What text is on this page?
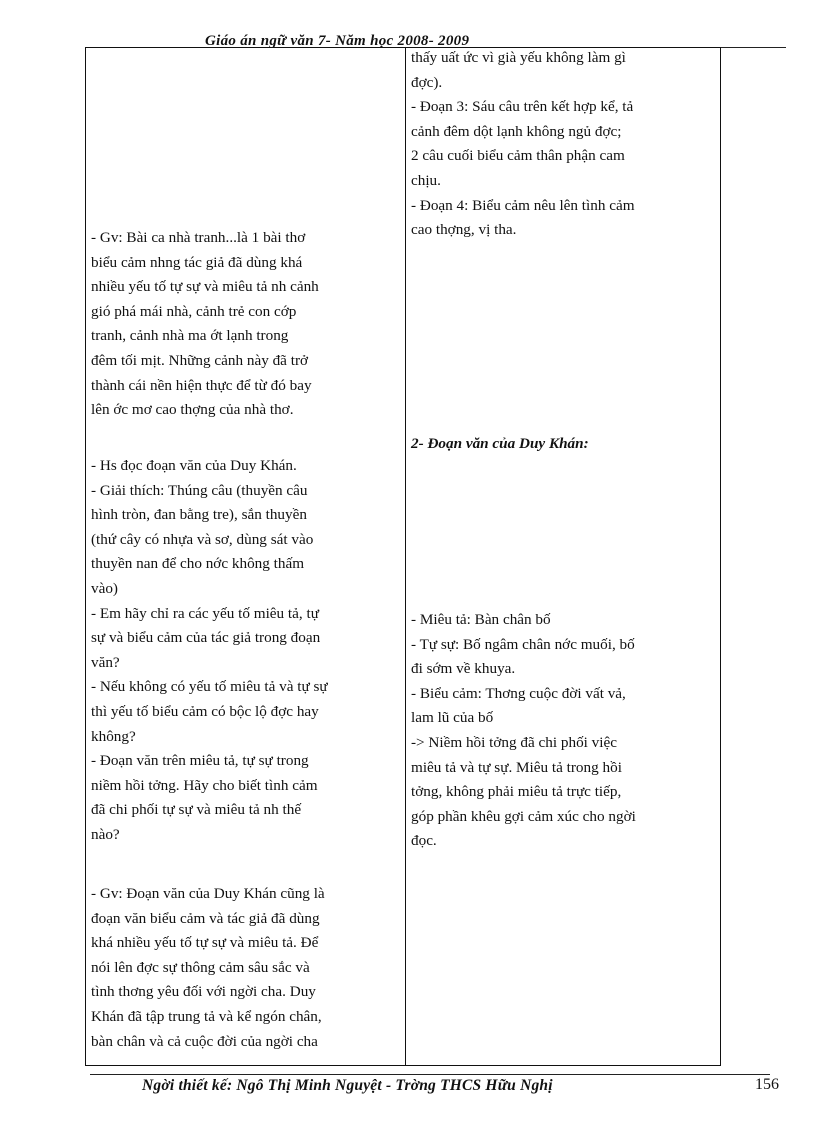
Giáo án ngữ văn 7- Năm học 2008- 2009

- Gv: Bài ca nhà tranh...là 1 bài thơ

biểu cảm nhng tác giả đã dùng khá

nhiều yếu tố tự sự và miêu tả nh cảnh

gió phá mái nhà, cảnh trẻ con cớp

tranh, cảnh nhà ma ớt lạnh trong

đêm tối mịt. Những cảnh này đã trở

thành cái nền hiện thực để từ đó bay

lên ớc mơ cao thợng của nhà thơ.

- Hs đọc đoạn văn của Duy Khán.

- Giải thích: Thúng câu (thuyền câu

hình tròn, đan bằng tre), sắn thuyền

(thứ cây có nhựa và sơ, dùng sát vào

thuyền nan để cho nớc không thấm

vào)

- Em hãy chỉ ra các yếu tố miêu tả, tự

sự và biểu cảm của tác giả trong đoạn

văn?

- Nếu không có yếu tố miêu tả và tự sự

thì yếu tố biểu cảm có bộc lộ đợc hay

không?

- Đoạn văn trên miêu tả, tự sự trong

niềm hồi tởng. Hãy cho biết tình cảm

đã chi phối tự sự và miêu tả nh thế

nào?

- Gv: Đoạn văn của Duy Khán cũng là

đoạn văn biểu cảm và tác giả đã dùng

khá nhiều yếu tố tự sự và miêu tả. Để

nói lên đợc sự thông cảm sâu sắc và

tình thơng yêu đối với ngời cha. Duy

Khán đã tập trung tả và kể ngón chân,

bàn chân và cả cuộc đời của ngời cha

thấy uất ức vì già yếu không làm gì

đợc).

- Đoạn 3: Sáu câu trên kết hợp kể, tả

cảnh đêm dột lạnh không ngủ đợc;

2 câu cuối biểu cảm thân phận cam

chịu.

- Đoạn 4: Biểu cảm nêu lên tình cảm

cao thợng, vị tha.

2- Đoạn văn của Duy Khán:

- Miêu tả: Bàn chân bố

- Tự sự: Bố ngâm chân nớc muối, bố

đi sớm về khuya.

- Biểu cảm: Thơng cuộc đời vất vả,

lam lũ của bố

-> Niềm hồi tởng đã chi phối việc

miêu tả và tự sự. Miêu tả trong hồi

tởng, không phải miêu tả trực tiếp,

góp phần khêu gợi cảm xúc cho ngời

đọc.

Ngời thiết kế: Ngô Thị Minh Nguyệt - Trờng THCS Hữu Nghị	156
